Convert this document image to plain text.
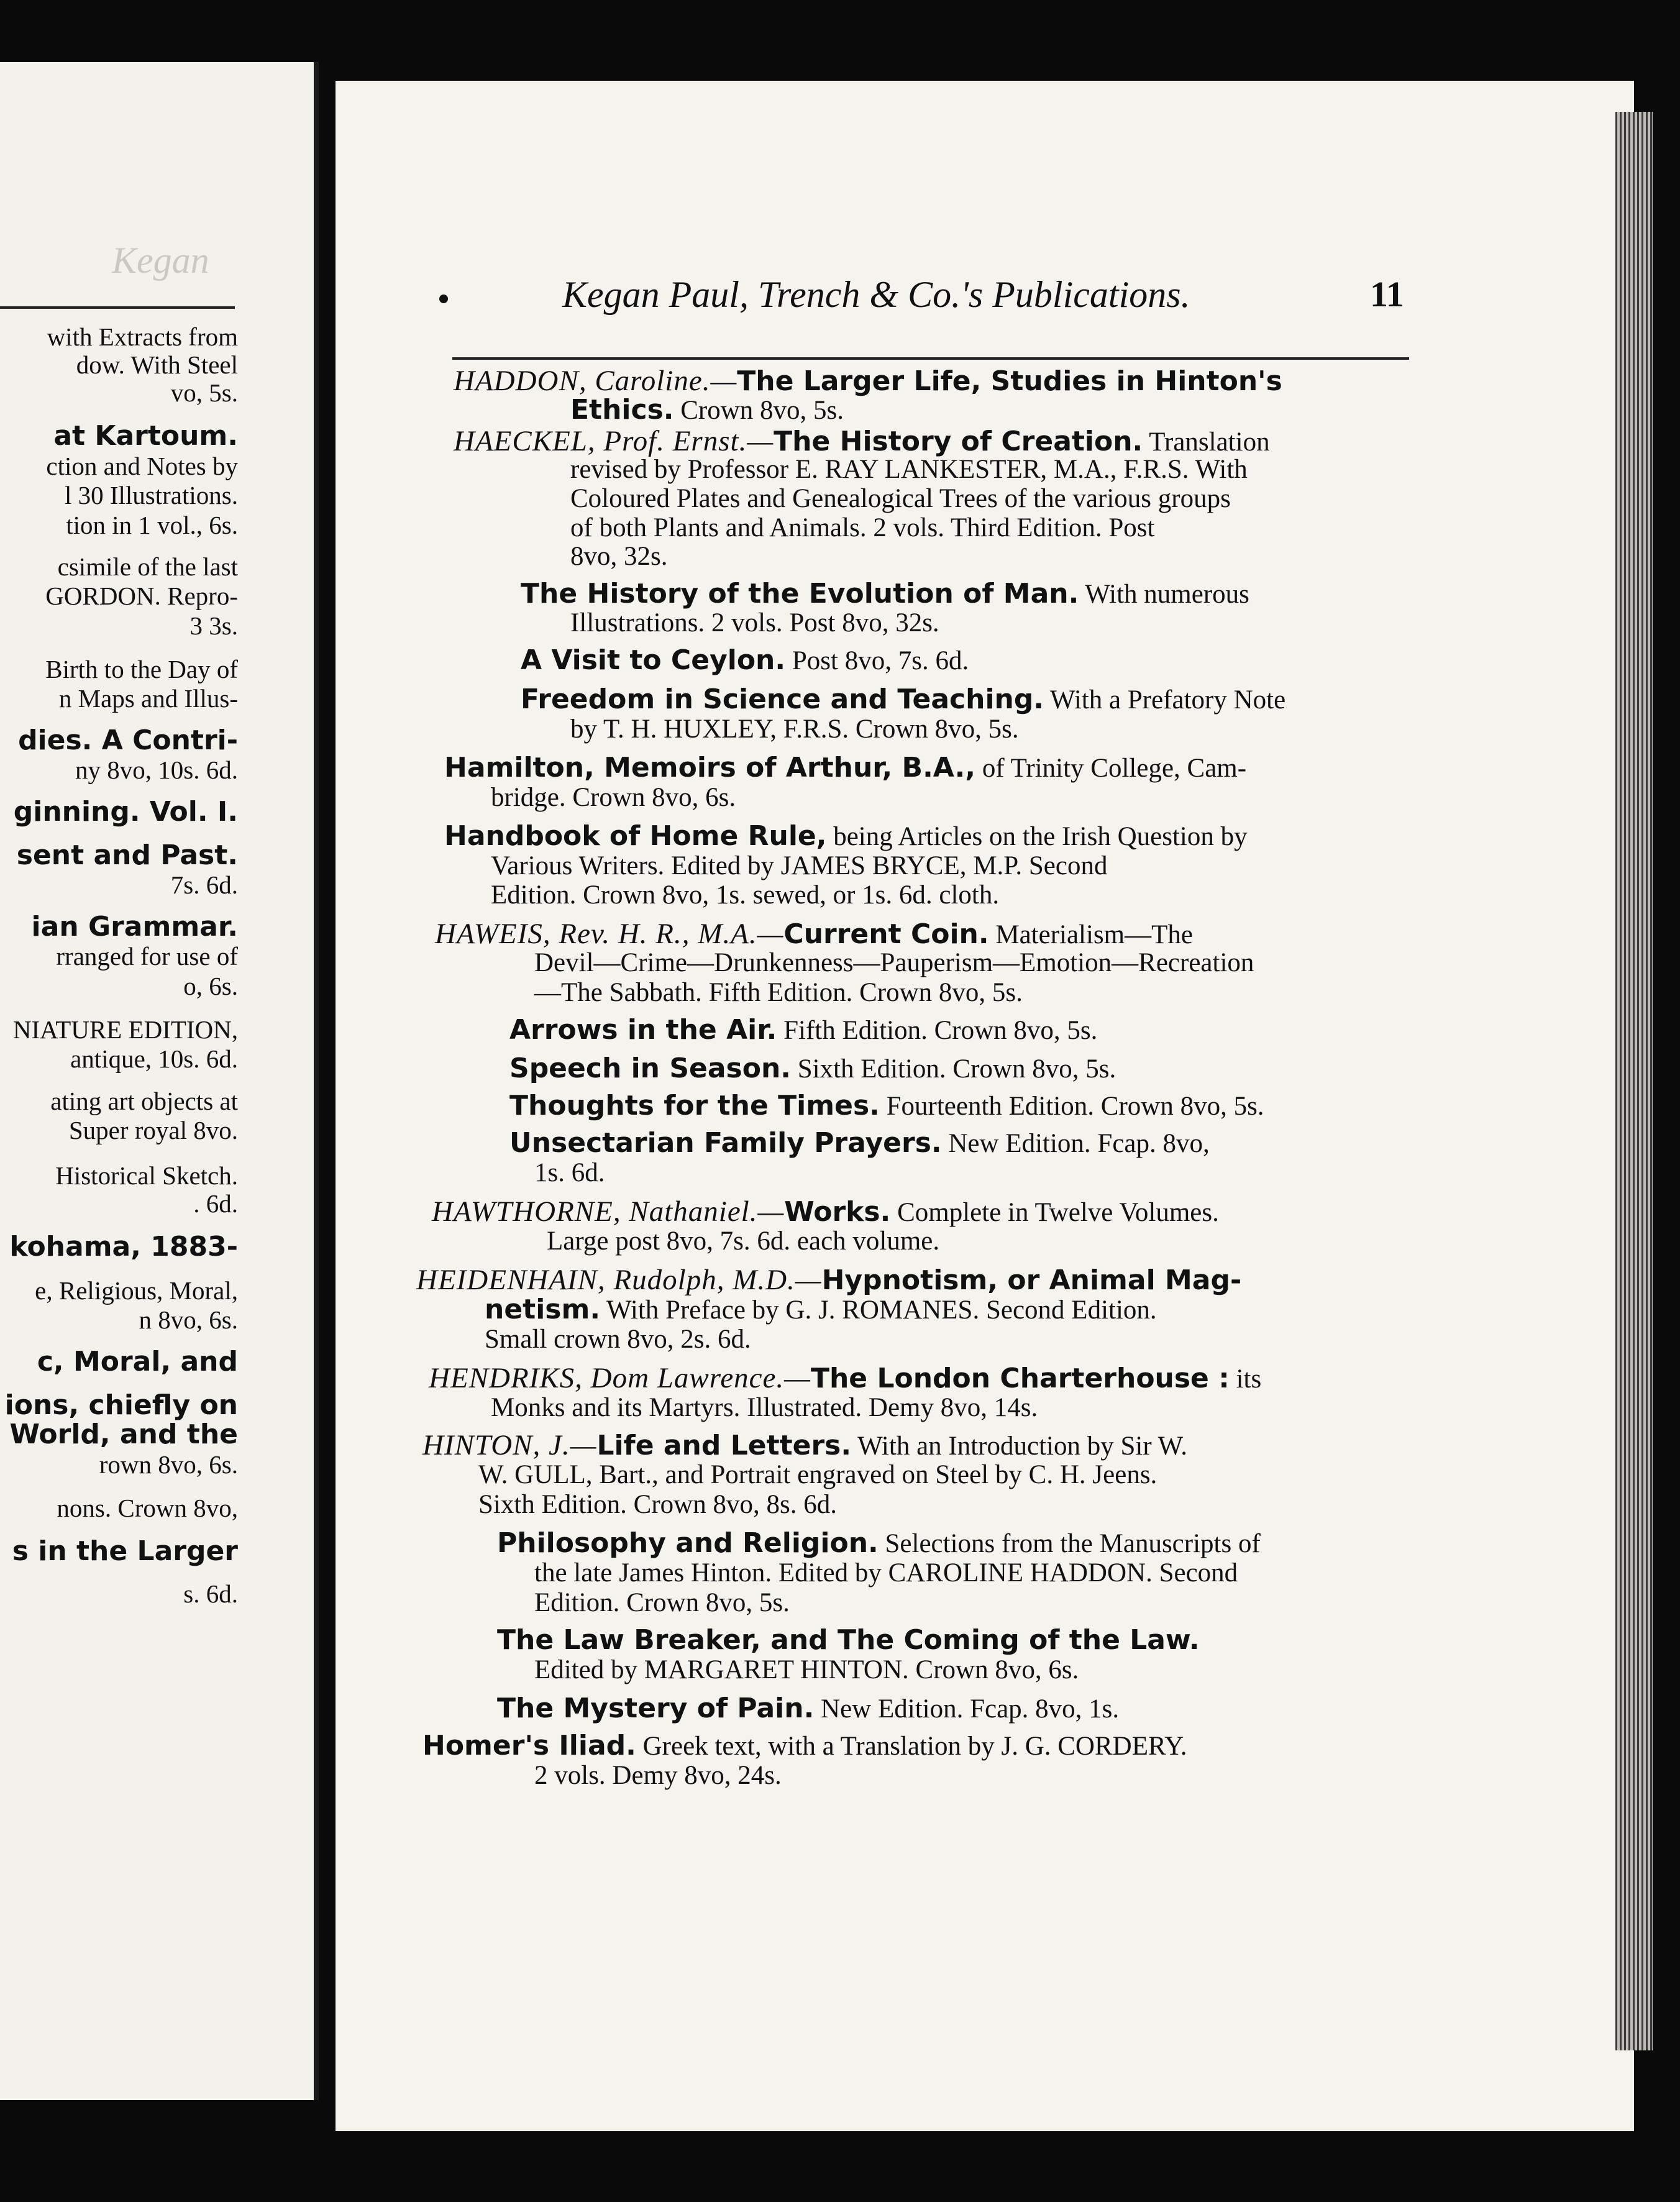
Kegan
with Extracts from
dow. With Steel
vo, 5s.
at Kartoum.
ction and Notes by
l 30 Illustrations.
tion in 1 vol., 6s.
csimile of the last
GORDON. Repro-
3 3s.
Birth to the Day of
n Maps and Illus-
dies. A Contri-
ny 8vo, 10s. 6d.
ginning. Vol. I.
sent and Past.
7s. 6d.
ian Grammar.
rranged for use of
o, 6s.
NIATURE EDITION,
antique, 10s. 6d.
ating art objects at
Super royal 8vo.
Historical Sketch.
. 6d.
kohama, 1883-
e, Religious, Moral,
n 8vo, 6s.
c, Moral, and
ions, chiefly on
World, and the
rown 8vo, 6s.
nons. Crown 8vo,
s in the Larger
s. 6d.
Kegan Paul, Trench & Co.'s Publications.	11
HADDON, Caroline.—The Larger Life, Studies in Hinton's
Ethics. Crown 8vo, 5s.
HAECKEL, Prof. Ernst.—The History of Creation. Translation
revised by Professor E. RAY LANKESTER, M.A., F.R.S. With
Coloured Plates and Genealogical Trees of the various groups
of both Plants and Animals. 2 vols. Third Edition. Post
8vo, 32s.
The History of the Evolution of Man. With numerous
Illustrations. 2 vols. Post 8vo, 32s.
A Visit to Ceylon. Post 8vo, 7s. 6d.
Freedom in Science and Teaching. With a Prefatory Note
by T. H. HUXLEY, F.R.S. Crown 8vo, 5s.
Hamilton, Memoirs of Arthur, B.A., of Trinity College, Cam-
bridge. Crown 8vo, 6s.
Handbook of Home Rule, being Articles on the Irish Question by
Various Writers. Edited by JAMES BRYCE, M.P. Second
Edition. Crown 8vo, 1s. sewed, or 1s. 6d. cloth.
HAWEIS, Rev. H. R., M.A.—Current Coin. Materialism—The
Devil—Crime—Drunkenness—Pauperism—Emotion—Recreation
—The Sabbath. Fifth Edition. Crown 8vo, 5s.
Arrows in the Air. Fifth Edition. Crown 8vo, 5s.
Speech in Season. Sixth Edition. Crown 8vo, 5s.
Thoughts for the Times. Fourteenth Edition. Crown 8vo, 5s.
Unsectarian Family Prayers. New Edition. Fcap. 8vo,
1s. 6d.
HAWTHORNE, Nathaniel.—Works. Complete in Twelve Volumes.
Large post 8vo, 7s. 6d. each volume.
HEIDENHAIN, Rudolph, M.D.—Hypnotism, or Animal Mag-
netism. With Preface by G. J. ROMANES. Second Edition.
Small crown 8vo, 2s. 6d.
HENDRIKS, Dom Lawrence.—The London Charterhouse : its
Monks and its Martyrs. Illustrated. Demy 8vo, 14s.
HINTON, J.—Life and Letters. With an Introduction by Sir W.
W. GULL, Bart., and Portrait engraved on Steel by C. H. Jeens.
Sixth Edition. Crown 8vo, 8s. 6d.
Philosophy and Religion. Selections from the Manuscripts of
the late James Hinton. Edited by CAROLINE HADDON. Second
Edition. Crown 8vo, 5s.
The Law Breaker, and The Coming of the Law.
Edited by MARGARET HINTON. Crown 8vo, 6s.
The Mystery of Pain. New Edition. Fcap. 8vo, 1s.
Homer's Iliad. Greek text, with a Translation by J. G. CORDERY.
2 vols. Demy 8vo, 24s.
